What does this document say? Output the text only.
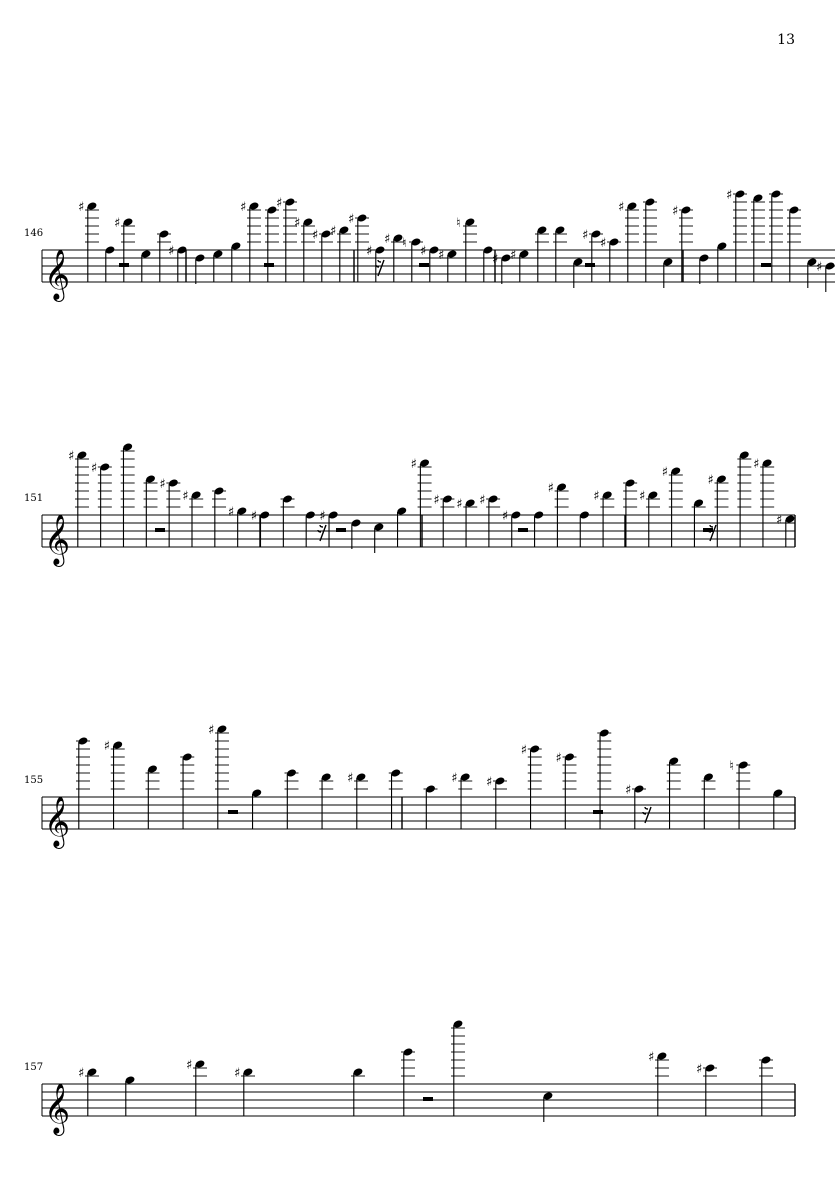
13
𝄞
146
♯
♯
♯
♯ ♯
♯
♯ ♯
♯
♯
♯ ♮
♯ ♯
♮
♯ ♯
♯
♯
♯	♯
♯
♯
𝄞
151
♯
♯
♯
♯
♯ ♯	♯
♯
♯ ♯ ♯
♯
♯
♯	♯
♯
♯
♯
♯
𝄞
155
♯
♯
♯	♯ ♯
♯
♯
♯
♮
𝄞
157	♯
♯
♯
♯
♯
